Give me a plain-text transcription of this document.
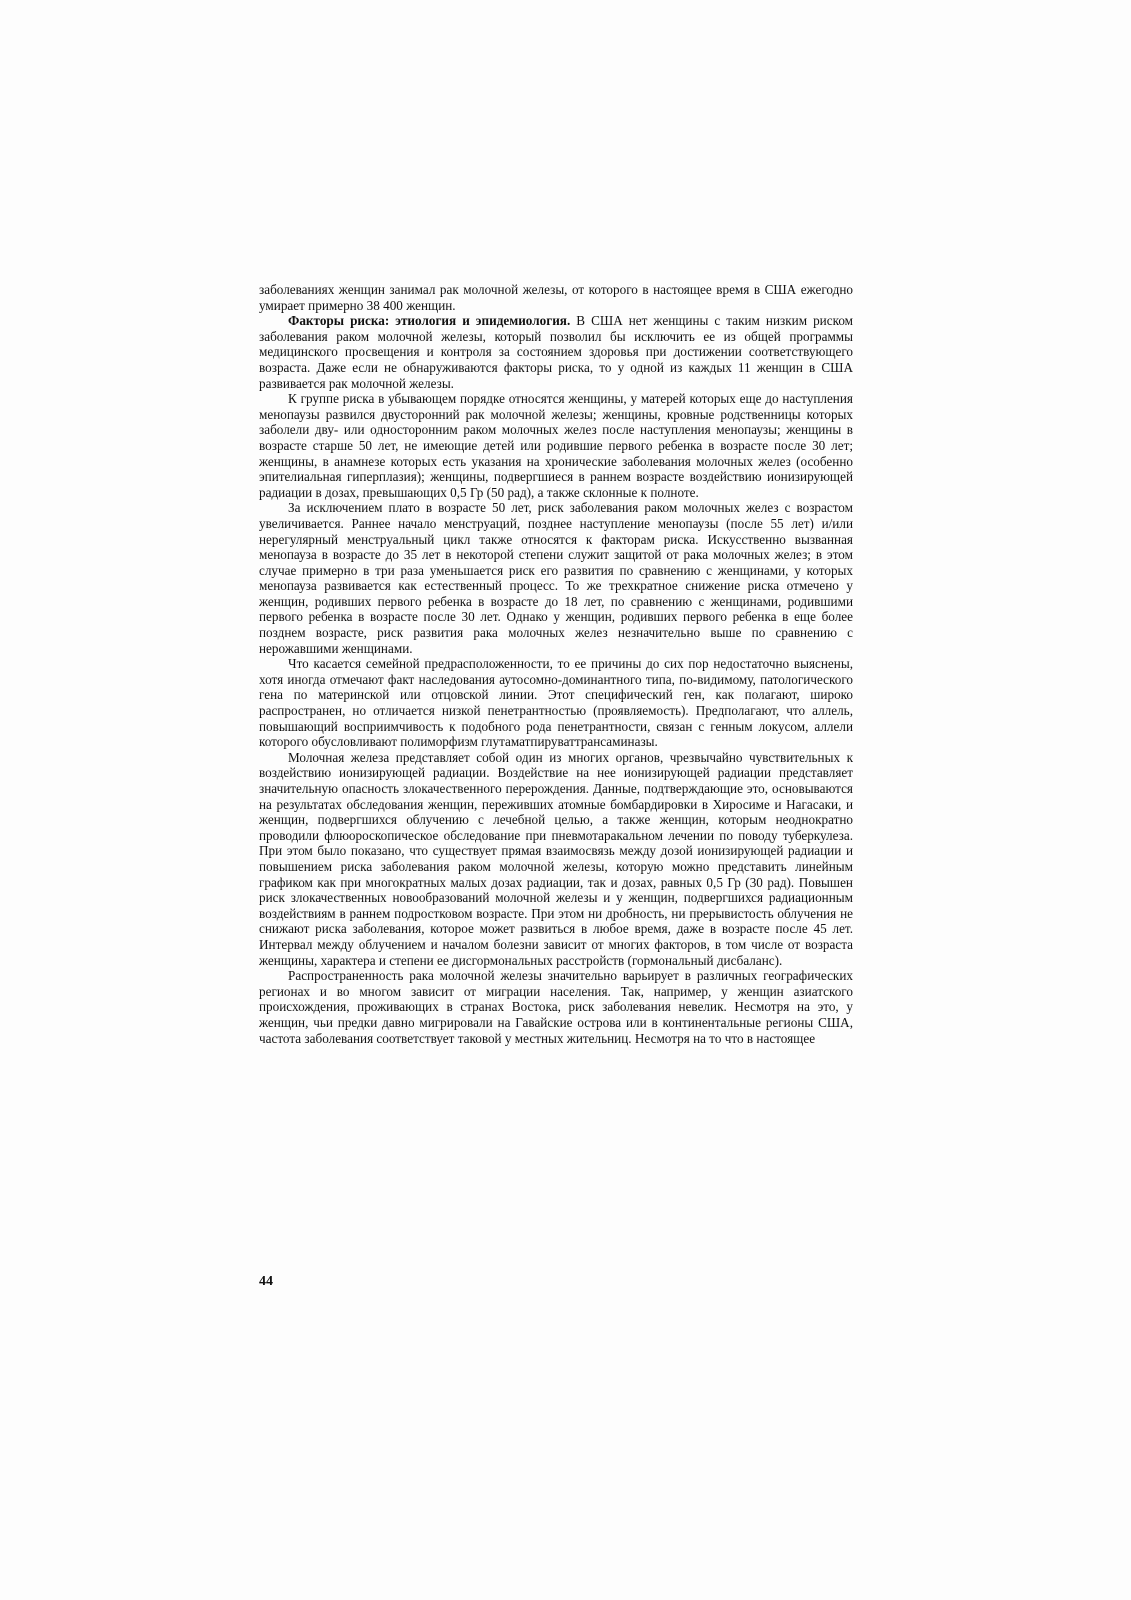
заболеваниях женщин занимал рак молочной железы, от которого в настоящее время в США ежегодно умирает примерно 38 400 женщин.

Факторы риска: этиология и эпидемиология. В США нет женщины с таким низким риском заболевания раком молочной железы, который позволил бы исключить ее из общей программы медицинского просвещения и контроля за состоянием здоровья при достижении соответствующего возраста. Даже если не обнаруживаются факторы риска, то у одной из каждых 11 женщин в США развивается рак молочной железы.

К группе риска в убывающем порядке относятся женщины, у матерей которых еще до наступления менопаузы развился двусторонний рак молочной железы; женщины, кровные родственницы которых заболели дву- или односторонним раком молочных желез после наступления менопаузы; женщины в возрасте старше 50 лет, не имеющие детей или родившие первого ребенка в возрасте после 30 лет; женщины, в анамнезе которых есть указания на хронические заболевания молочных желез (особенно эпителиальная гиперплазия); женщины, подвергшиеся в раннем возрасте воздействию ионизирующей радиации в дозах, превышающих 0,5 Гр (50 рад), а также склонные к полноте.

За исключением плато в возрасте 50 лет, риск заболевания раком молочных желез с возрастом увеличивается. Раннее начало менструаций, позднее наступление менопаузы (после 55 лет) и/или нерегулярный менструальный цикл также относятся к факторам риска. Искусственно вызванная менопауза в возрасте до 35 лет в некоторой степени служит защитой от рака молочных желез; в этом случае примерно в три раза уменьшается риск его развития по сравнению с женщинами, у которых менопауза развивается как естественный процесс. То же трехкратное снижение риска отмечено у женщин, родивших первого ребенка в возрасте до 18 лет, по сравнению с женщинами, родившими первого ребенка в возрасте после 30 лет. Однако у женщин, родивших первого ребенка в еще более позднем возрасте, риск развития рака молочных желез незначительно выше по сравнению с нерожавшими женщинами.

Что касается семейной предрасположенности, то ее причины до сих пор недостаточно выяснены, хотя иногда отмечают факт наследования аутосомно-доминантного типа, по-видимому, патологического гена по материнской или отцовской линии. Этот специфический ген, как полагают, широко распространен, но отличается низкой пенетрантностью (проявляемость). Предполагают, что аллель, повышающий восприимчивость к подобного рода пенетрантности, связан с генным локусом, аллели которого обусловливают полиморфизм глутаматпируваттрансаминазы.

Молочная железа представляет собой один из многих органов, чрезвычайно чувствительных к воздействию ионизирующей радиации. Воздействие на нее ионизирующей радиации представляет значительную опасность злокачественного перерождения. Данные, подтверждающие это, основываются на результатах обследования женщин, переживших атомные бомбардировки в Хиросиме и Нагасаки, и женщин, подвергшихся облучению с лечебной целью, а также женщин, которым неоднократно проводили флюороскопическое обследование при пневмотаракальном лечении по поводу туберкулеза. При этом было показано, что существует прямая взаимосвязь между дозой ионизирующей радиации и повышением риска заболевания раком молочной железы, которую можно представить линейным графиком как при многократных малых дозах радиации, так и дозах, равных 0,5 Гр (30 рад). Повышен риск злокачественных новообразований молочной железы и у женщин, подвергшихся радиационным воздействиям в раннем подростковом возрасте. При этом ни дробность, ни прерывистость облучения не снижают риска заболевания, которое может развиться в любое время, даже в возрасте после 45 лет. Интервал между облучением и началом болезни зависит от многих факторов, в том числе от возраста женщины, характера и степени ее дисгормональных расстройств (гормональный дисбаланс).

Распространенность рака молочной железы значительно варьирует в различных географических регионах и во многом зависит от миграции населения. Так, например, у женщин азиатского происхождения, проживающих в странах Востока, риск заболевания невелик. Несмотря на это, у женщин, чьи предки давно мигрировали на Гавайские острова или в континентальные регионы США, частота заболевания соответствует таковой у местных жительниц. Несмотря на то что в настоящее

44
